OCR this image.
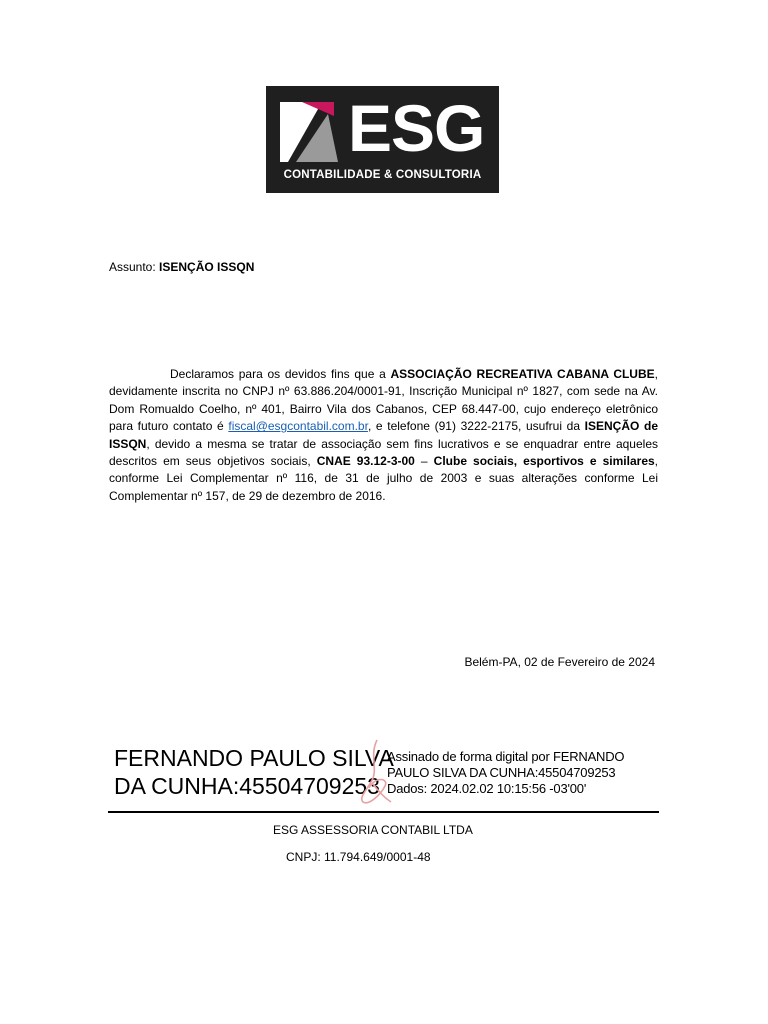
ESG
CONTABILIDADE & CONSULTORIA
Assunto: ISENÇÃO ISSQN
Declaramos para os devidos fins que a ASSOCIAÇÃO RECREATIVA CABANA CLUBE, devidamente inscrita no CNPJ nº 63.886.204/0001-91, Inscrição Municipal nº 1827, com sede na Av. Dom Romualdo Coelho, nº 401, Bairro Vila dos Cabanos, CEP 68.447-00, cujo endereço eletrônico para futuro contato é fiscal@esgcontabil.com.br, e telefone (91) 3222-2175, usufrui da ISENÇÃO de ISSQN, devido a mesma se tratar de associação sem fins lucrativos e se enquadrar entre aqueles descritos em seus objetivos sociais, CNAE 93.12-3-00 – Clube sociais, esportivos e similares, conforme Lei Complementar nº 116, de 31 de julho de 2003 e suas alterações conforme Lei Complementar nº 157, de 29 de dezembro de 2016.
Belém-PA, 02 de Fevereiro de 2024
FERNANDO PAULO SILVA
DA CUNHA:45504709253
Assinado de forma digital por FERNANDO
PAULO SILVA DA CUNHA:45504709253
Dados: 2024.02.02 10:15:56 -03'00'
ESG ASSESSORIA CONTABIL LTDA
CNPJ: 11.794.649/0001-48
